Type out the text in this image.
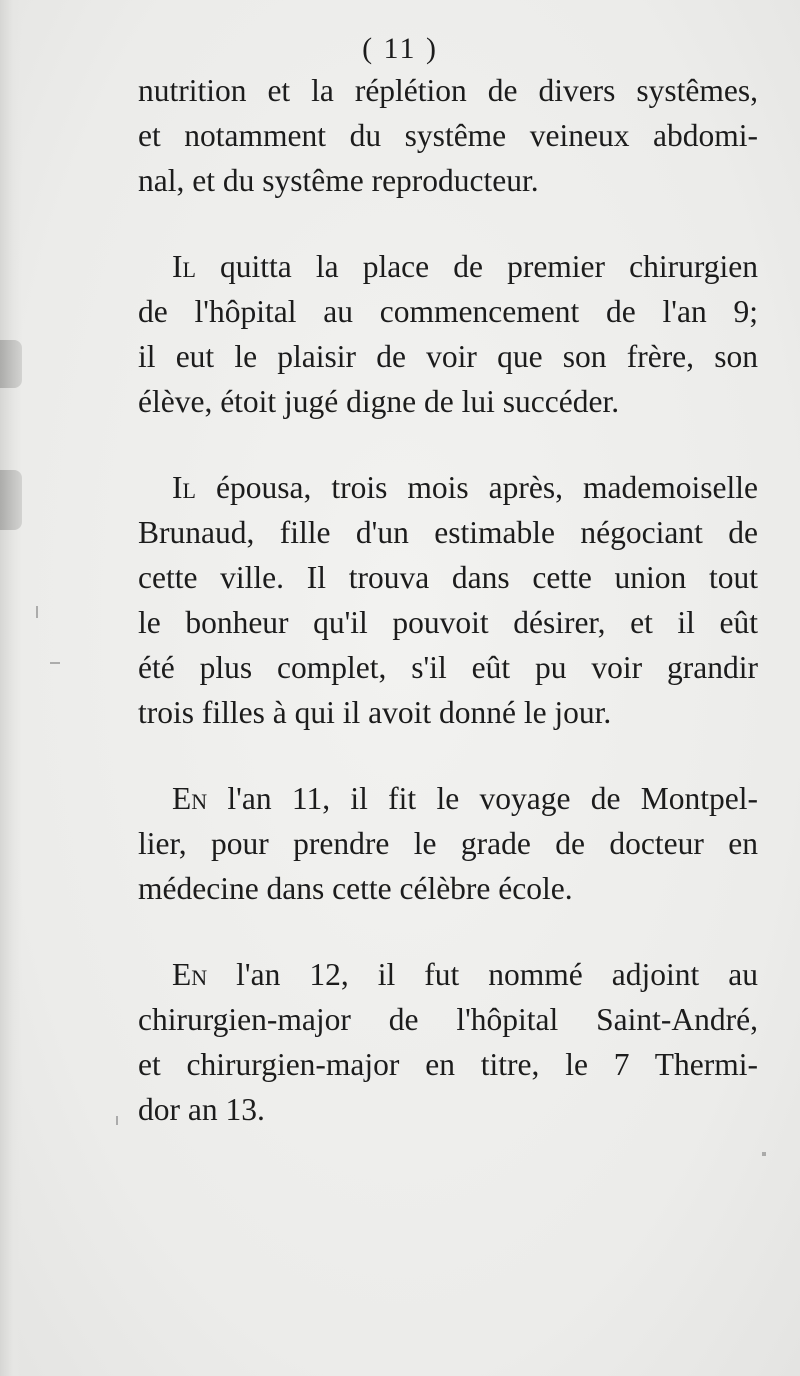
( 11 )
nutrition et la réplétion de divers systêmes,
et notamment du systême veineux abdomi-
nal, et du systême reproducteur.
Il quitta la place de premier chirurgien
de l'hôpital au commencement de l'an 9;
il eut le plaisir de voir que son frère, son
élève, étoit jugé digne de lui succéder.
Il épousa, trois mois après, mademoiselle
Brunaud, fille d'un estimable négociant de
cette ville. Il trouva dans cette union tout
le bonheur qu'il pouvoit désirer, et il eût
été plus complet, s'il eût pu voir grandir
trois filles à qui il avoit donné le jour.
En l'an 11, il fit le voyage de Montpel-
lier, pour prendre le grade de docteur en
médecine dans cette célèbre école.
En l'an 12, il fut nommé adjoint au
chirurgien-major de l'hôpital Saint-André,
et chirurgien-major en titre, le 7 Thermi-
dor an 13.
